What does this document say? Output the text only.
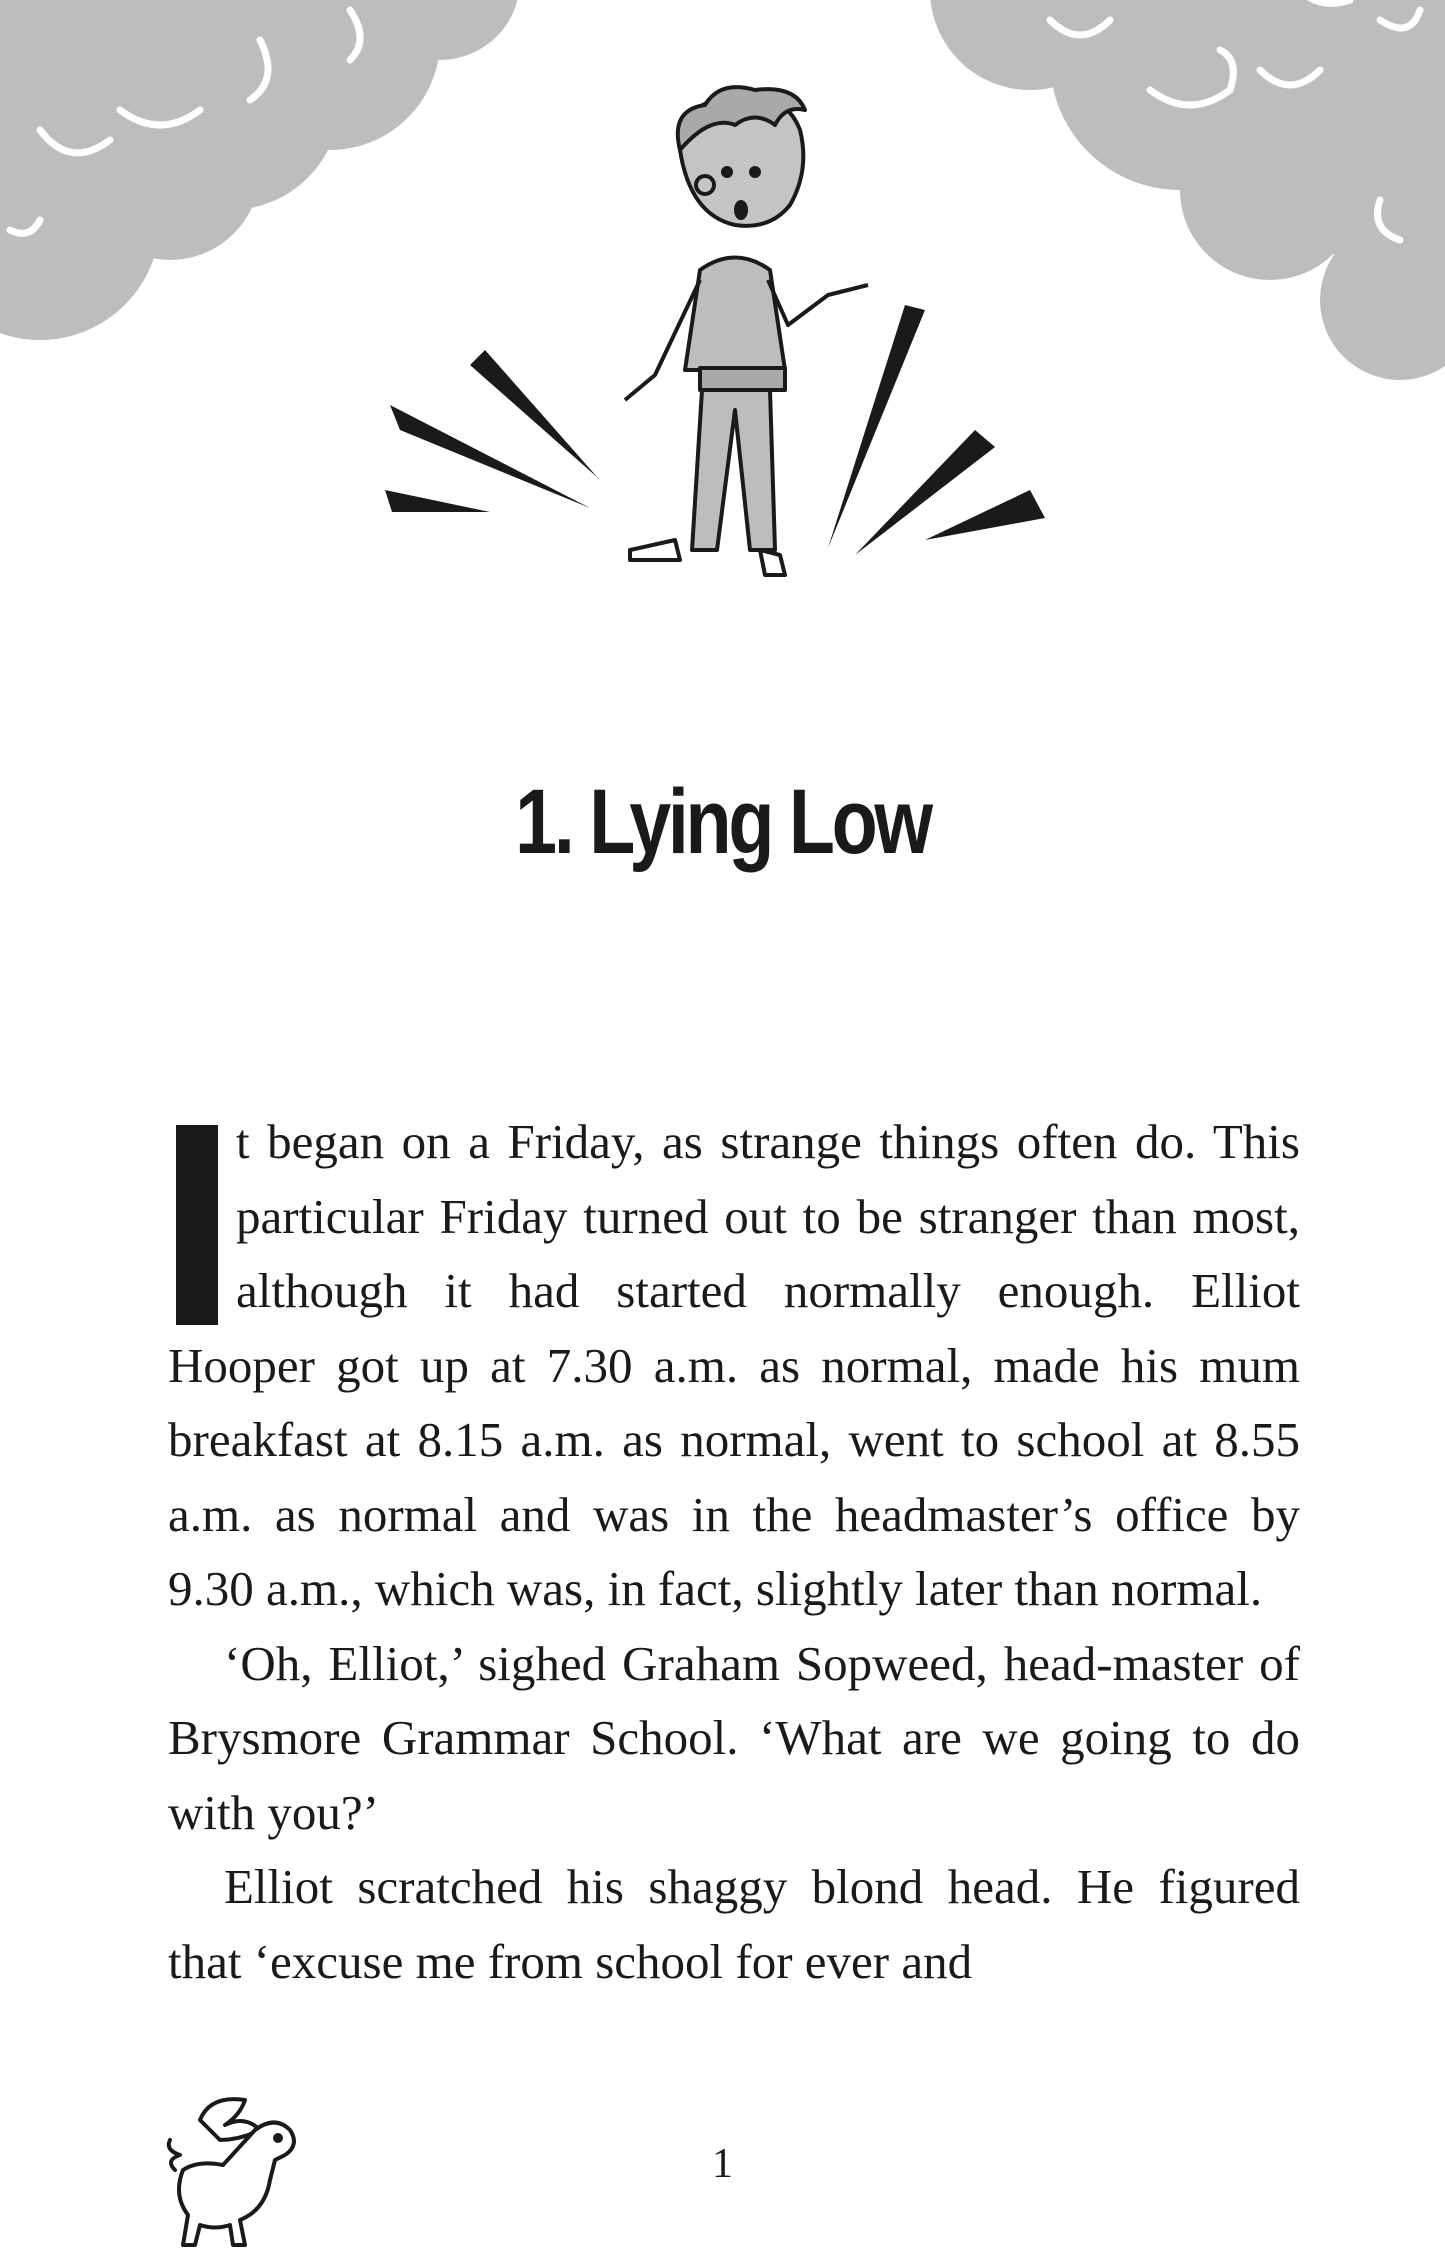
1. Lying Low

t began on a Friday, as strange things often do. This particular Friday turned out to be stranger than most, although it had started normally enough. Elliot Hooper got up at 7.30 a.m. as normal, made his mum breakfast at 8.15 a.m. as normal, went to school at 8.55 a.m. as normal and was in the headmaster’s office by 9.30 a.m., which was, in fact, slightly later than normal.

‘Oh, Elliot,’ sighed Graham Sopweed, head-master of Brysmore Grammar School. ‘What are we going to do with you?’

Elliot scratched his shaggy blond head. He figured that ‘excuse me from school for ever and

1
